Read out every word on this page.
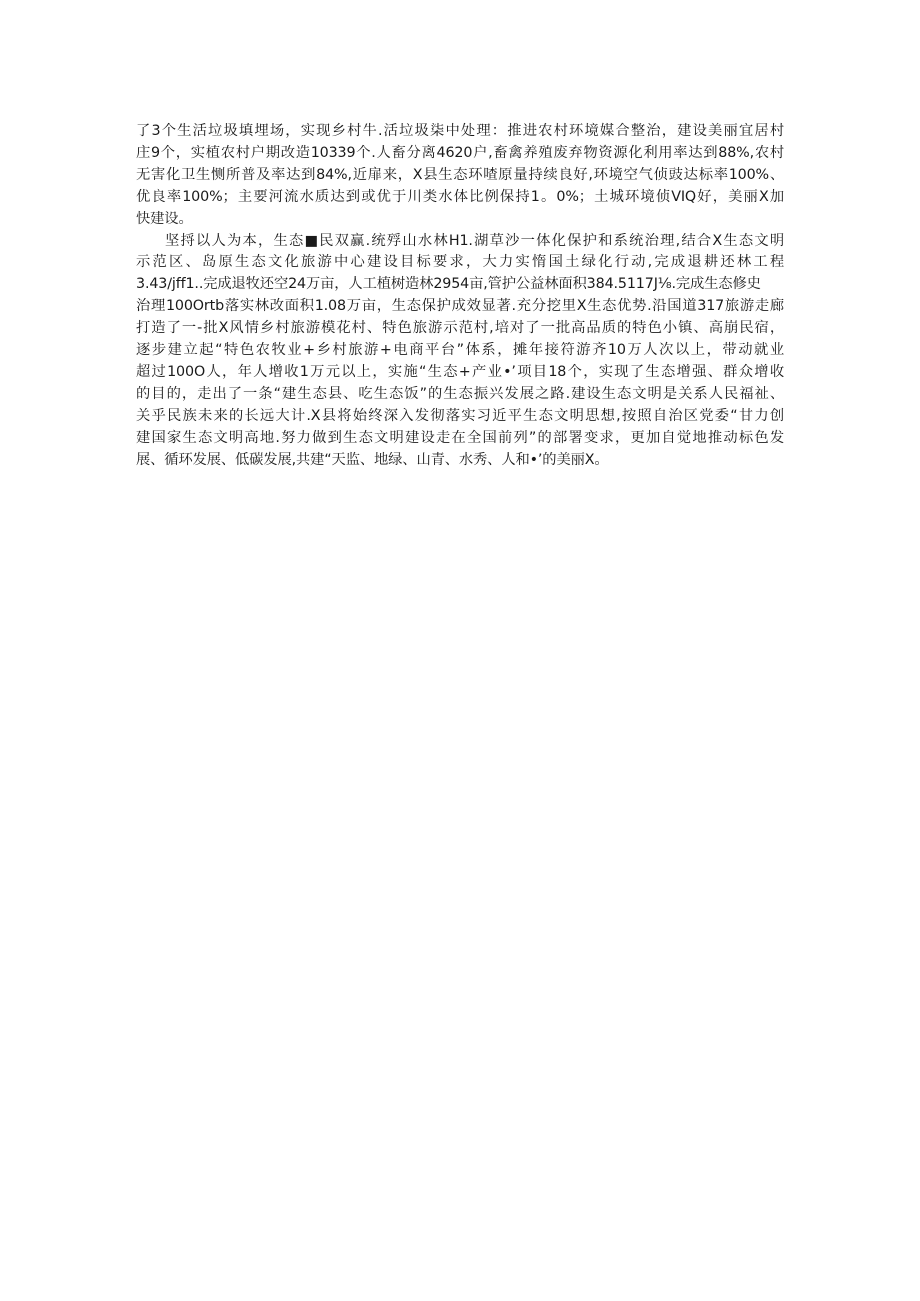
了3个生活垃圾填埋场，实现乡村牛.活垃圾柒中处理：推进农村环境媒合整治，建设美丽宜居村
庄9个，实植农村户期改造10339个.人畜分离4620户,畜禽养殖废弃物资源化利用率达到88%,农村
无害化卫生恻所普及率达到84%,近扉来，X县生态环喳原量持续良好,环境空气侦豉达标率100%、
优良率100%；主要河流水质达到或优于川类水体比例保持1。0%；土城环境侦VIQ好，美丽X加
快建设。
坚捋以人为本，生态■民双赢.统殍山水林H1.湖草沙一体化保护和系统治理,结合X生态文明
示范区、岛原生态文化旅游中心建设目标要求，大力实惰国土绿化行动,完成退耕还林工程
3.43∕jff1..完成退牧还空24万亩，人工植树造林2954亩,管护公益林面积384.5117J⅛.完成生态修史
治理100Ortb落实林改面积1.08万亩，生态保护成效显著.充分挖里X生态优势.沿国道317旅游走廊
打造了一-批X风情乡村旅游模花村、特色旅游示范村,培对了一批高品质的特色小镇、高崩民宿，
逐步建立起“特色农牧业+乡村旅游+电商平台”体系，摊年接符游齐10万人次以上，带动就业
超过100O人，年人增收1万元以上，实施“生态+产业•’项目18个，实现了生态增强、群众增收
的目的，走出了一条“建生态县、吃生态饭”的生态振兴发展之路.建设生态文明是关系人民福祉、
关乎民族未来的长远大计.X县将始终深入发彻落实习近平生态文明思想,按照自治区党委“甘力创
建国家生态文明高地.努力做到生态文明建设走在全国前列”的部署变求，更加自觉地推动标色发
展、循环发展、低碳发展,共建“天监、地绿、山青、水秀、人和•’的美丽X。
